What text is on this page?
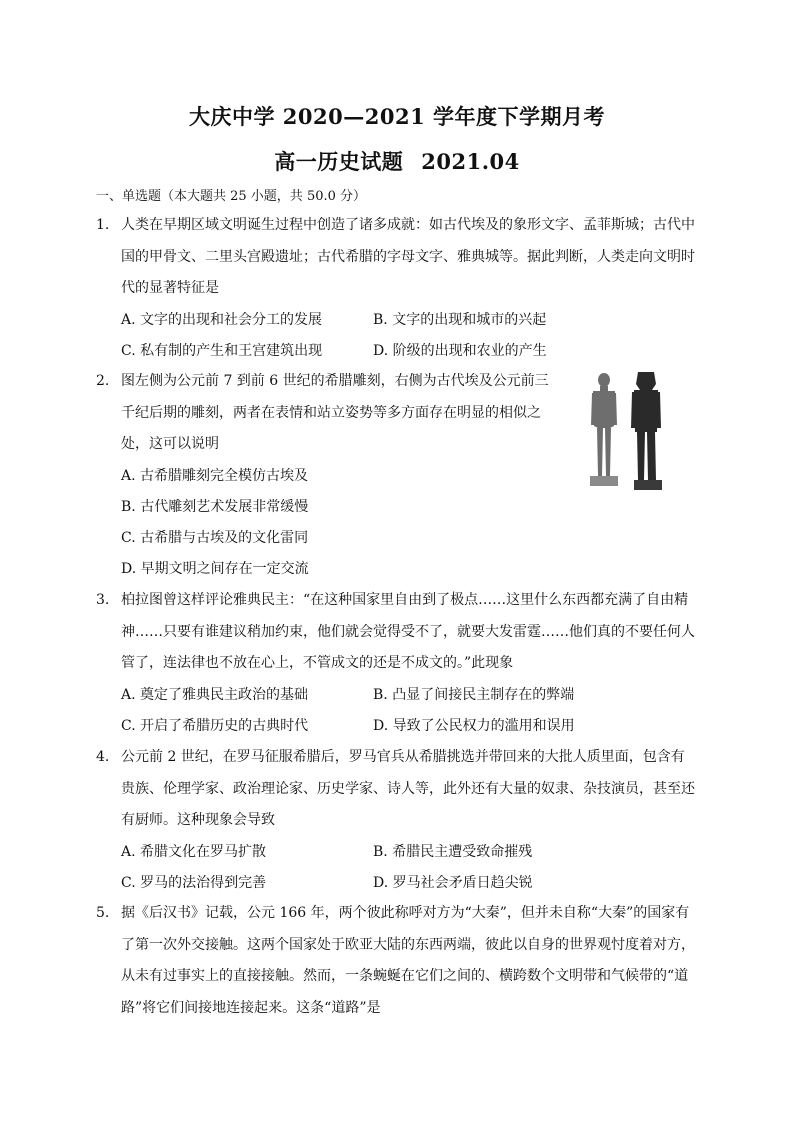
大庆中学 2020—2021 学年度下学期月考
高一历史试题 2021.04
一、单选题（本大题共 25 小题，共 50.0 分）
1. 人类在早期区域文明诞生过程中创造了诸多成就：如古代埃及的象形文字、孟菲斯城；古代中国的甲骨文、二里头宫殿遗址；古代希腊的字母文字、雅典城等。据此判断，人类走向文明时代的显著特征是
A. 文字的出现和社会分工的发展	B. 文字的出现和城市的兴起
C. 私有制的产生和王宫建筑出现	D. 阶级的出现和农业的产生
2. 图左侧为公元前 7 到前 6 世纪的希腊雕刻，右侧为古代埃及公元前三千纪后期的雕刻，两者在表情和站立姿势等多方面存在明显的相似之处，这可以说明
A. 古希腊雕刻完全模仿古埃及
B. 古代雕刻艺术发展非常缓慢
C. 古希腊与古埃及的文化雷同
D. 早期文明之间存在一定交流
3. 柏拉图曾这样评论雅典民主：“在这种国家里自由到了极点……这里什么东西都充满了自由精神……只要有谁建议稍加约束，他们就会觉得受不了，就要大发雷霆……他们真的不要任何人管了，连法律也不放在心上，不管成文的还是不成文的。”此现象
A. 奠定了雅典民主政治的基础	B. 凸显了间接民主制存在的弊端
C. 开启了希腊历史的古典时代	D. 导致了公民权力的滥用和误用
4. 公元前 2 世纪，在罗马征服希腊后，罗马官兵从希腊挑选并带回来的大批人质里面，包含有贵族、伦理学家、政治理论家、历史学家、诗人等，此外还有大量的奴隶、杂技演员，甚至还有厨师。这种现象会导致
A. 希腊文化在罗马扩散	B. 希腊民主遭受致命摧残
C. 罗马的法治得到完善	D. 罗马社会矛盾日趋尖锐
5. 据《后汉书》记载，公元 166 年，两个彼此称呼对方为“大秦”，但并未自称“大秦”的国家有了第一次外交接触。这两个国家处于欧亚大陆的东西两端，彼此以自身的世界观忖度着对方，从未有过事实上的直接接触。然而，一条蜿蜒在它们之间的、横跨数个文明带和气候带的“道路”将它们间接地连接起来。这条“道路”是
